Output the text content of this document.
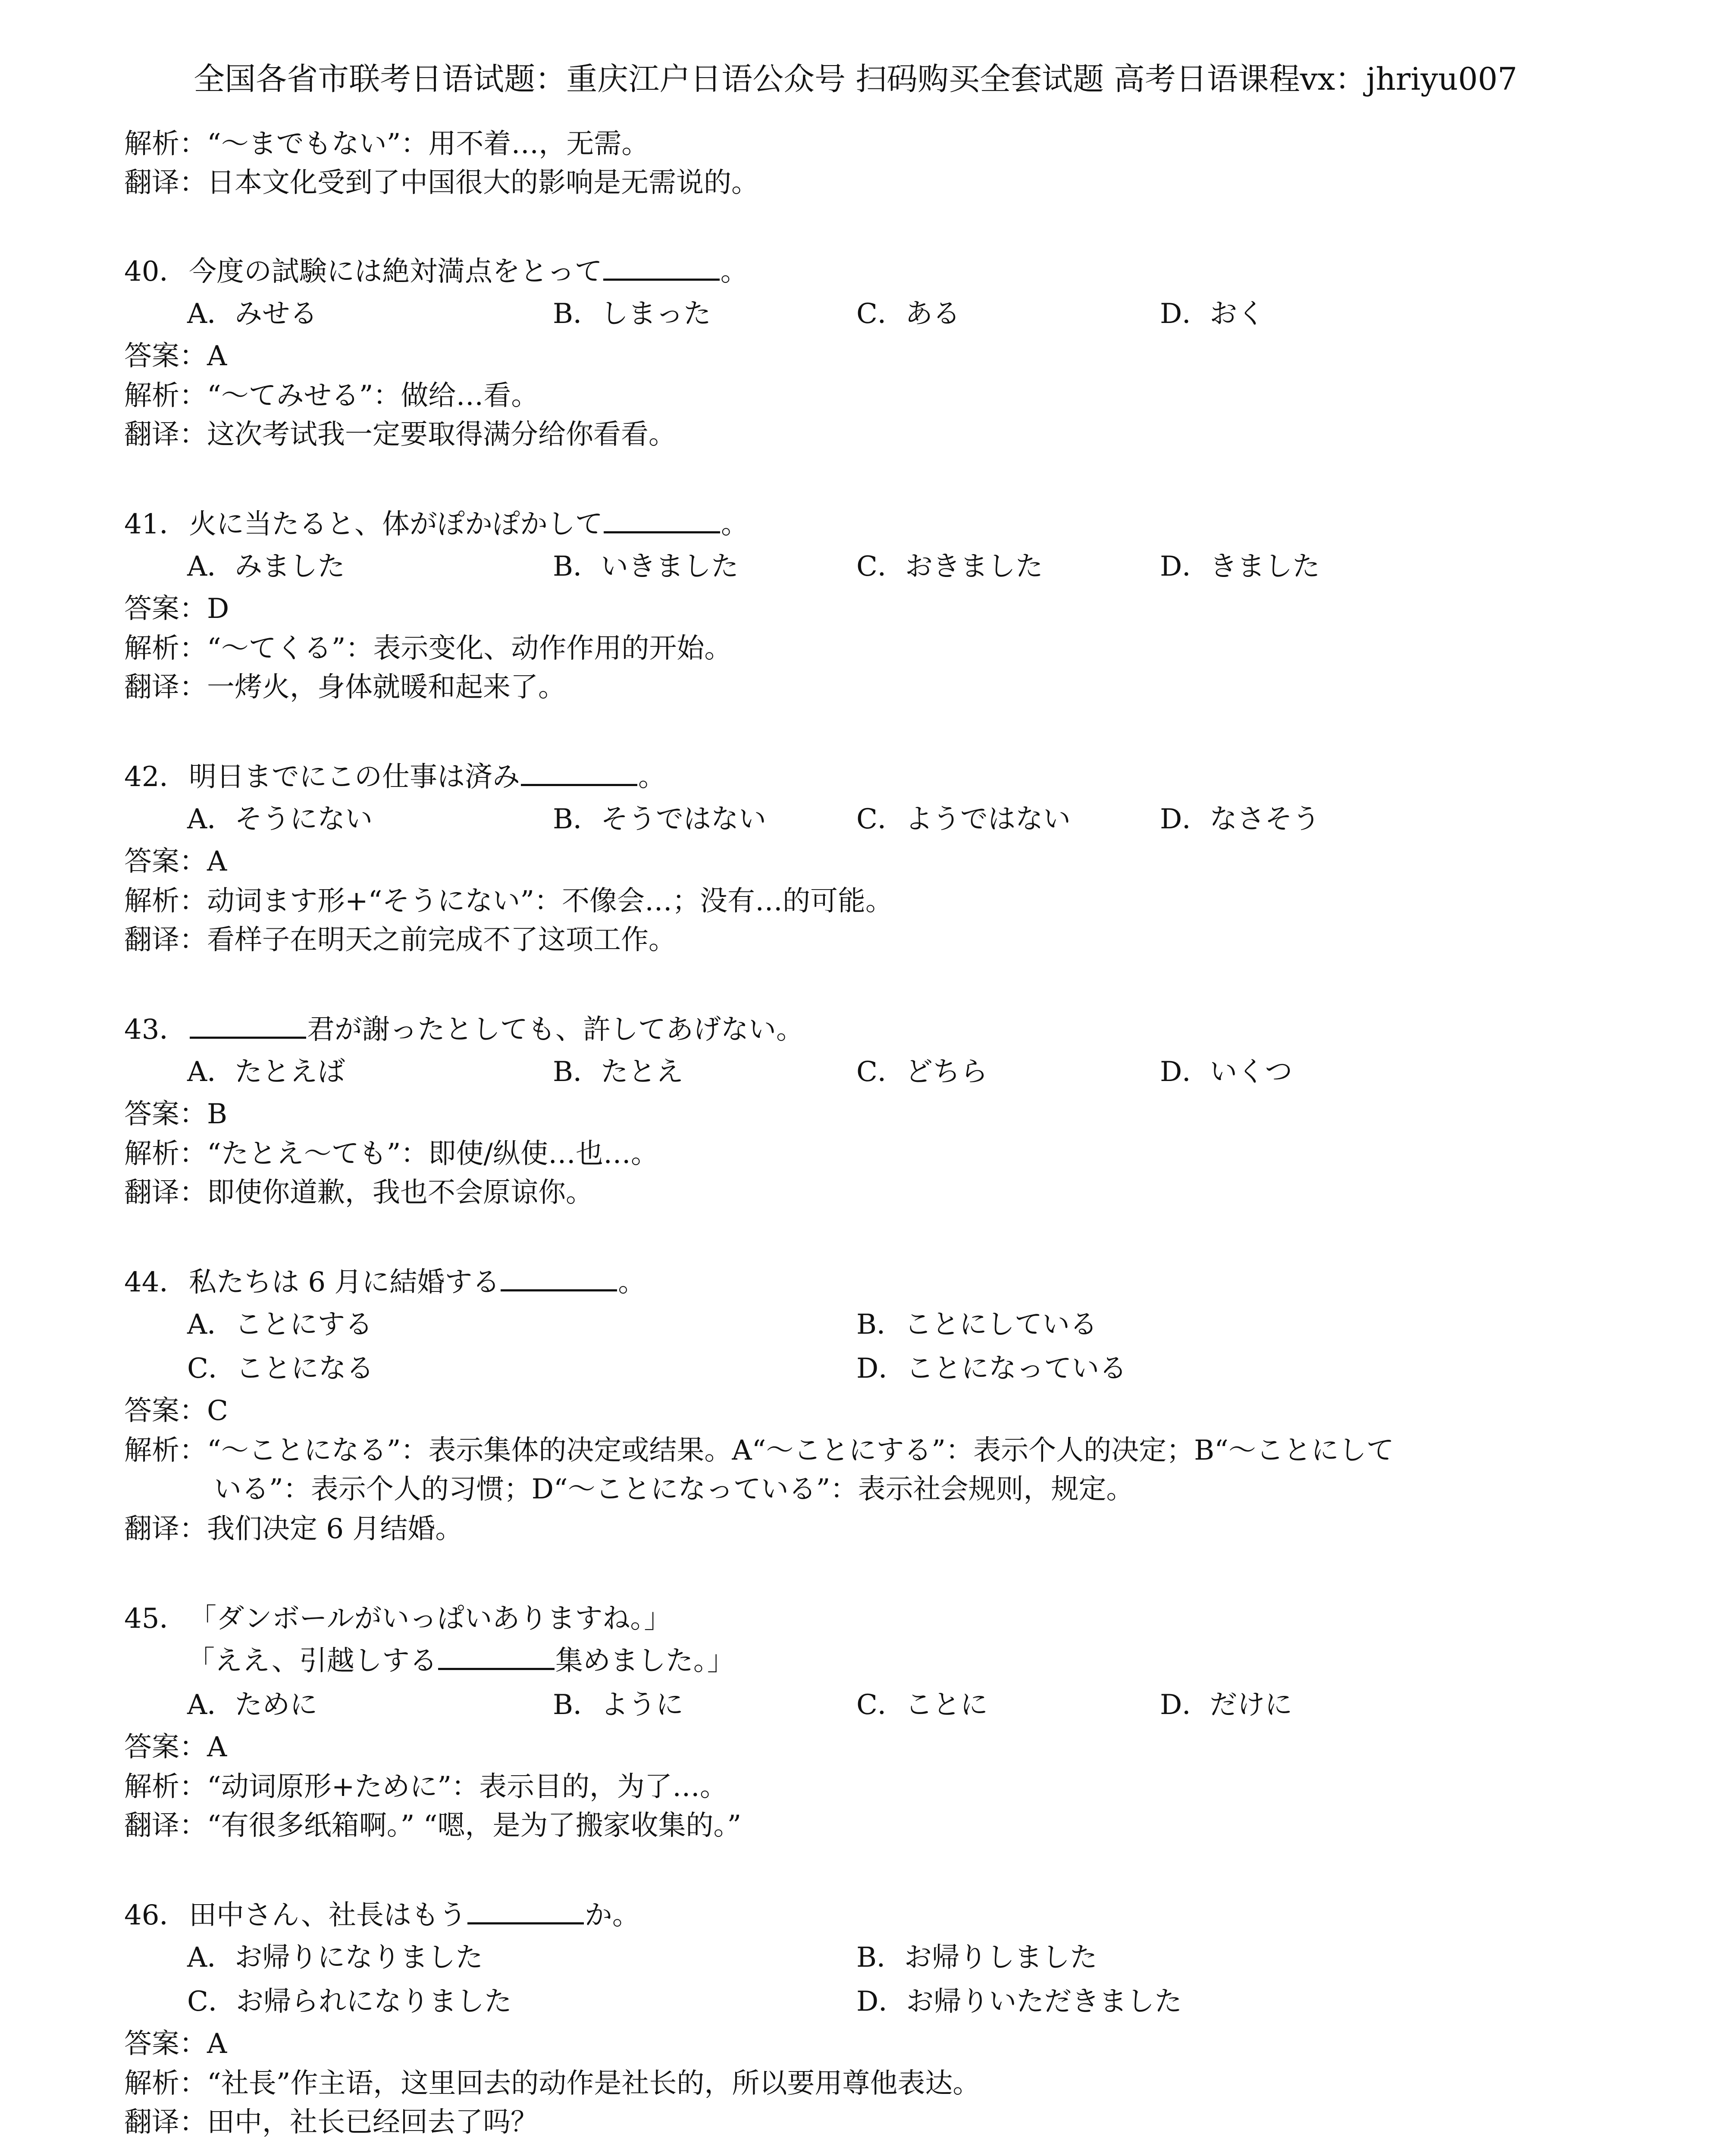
全国各省市联考日语试题：重庆江户日语公众号 扫码购买全套试题 高考日语课程vx：jhriyu007
解析：“～までもない”：用不着…，无需。
翻译：日本文化受到了中国很大的影响是无需说的。
40．今度の試験には絶対満点をとって	。
A．みせる	B．しまった	C．ある	D．おく
答案：A
解析：“～てみせる”：做给…看。
翻译：这次考试我一定要取得满分给你看看。
41．火に当たると、体がぽかぽかして	。
A．みました	B．いきました	C．おきました	D．きました
答案：D
解析：“～てくる”：表示变化、动作作用的开始。
翻译：一烤火，身体就暖和起来了。
42．明日までにこの仕事は済み	。
A．そうにない	B．そうではない	C．ようではない	D．なさそう
答案：A
解析：动词ます形+“そうにない”：不像会…；没有…的可能。
翻译：看样子在明天之前完成不了这项工作。
43．	君が謝ったとしても、許してあげない。
A．たとえば	B．たとえ	C．どちら	D．いくつ
答案：B
解析：“たとえ～ても”：即使/纵使…也…。
翻译：即使你道歉，我也不会原谅你。
44．私たちは 6 月に結婚する	。
A．ことにする	B．ことにしている
C．ことになる	D．ことになっている
答案：C
解析：“～ことになる”：表示集体的决定或结果。A“～ことにする”：表示个人的决定；B“～ことにして
いる”：表示个人的习惯；D“～ことになっている”：表示社会规则，规定。
翻译：我们决定 6 月结婚。
45．「ダンボールがいっぱいありますね。」
「ええ、引越しする	集めました。」
A．ために	B．ように	C．ことに	D．だけに
答案：A
解析：“动词原形+ために”：表示目的，为了…。
翻译：“有很多纸箱啊。” “嗯，是为了搬家收集的。”
46．田中さん、社長はもう	か。
A．お帰りになりました	B．お帰りしました
C．お帰られになりました	D．お帰りいただきました
答案：A
解析：“社長”作主语，这里回去的动作是社长的，所以要用尊他表达。
翻译：田中，社长已经回去了吗？
